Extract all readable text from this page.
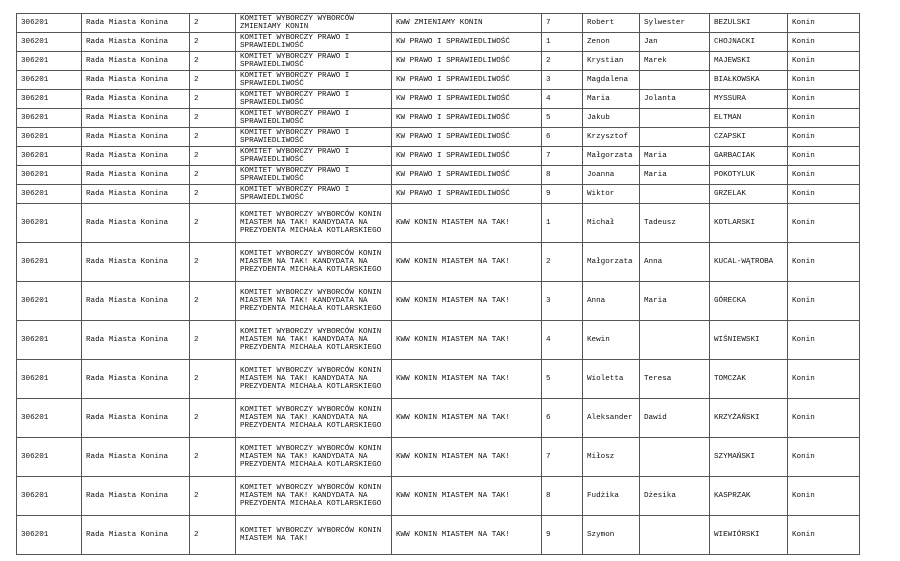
306201	Rada Miasta Konina	2	KOMITET WYBORCZY WYBORCÓW ZMIENIAMY KONIN	KWW ZMIENIAMY KONIN	7	Robert	Sylwester	BEZULSKI	Konin
306201	Rada Miasta Konina	2	KOMITET WYBORCZY PRAWO I SPRAWIEDLIWOŚĆ	KW PRAWO I SPRAWIEDLIWOŚĆ	1	Zenon	Jan	CHOJNACKI	Konin
306201	Rada Miasta Konina	2	KOMITET WYBORCZY PRAWO I SPRAWIEDLIWOŚĆ	KW PRAWO I SPRAWIEDLIWOŚĆ	2	Krystian	Marek	MAJEWSKI	Konin
306201	Rada Miasta Konina	2	KOMITET WYBORCZY PRAWO I SPRAWIEDLIWOŚĆ	KW PRAWO I SPRAWIEDLIWOŚĆ	3	Magdalena		BIAŁKOWSKA	Konin
306201	Rada Miasta Konina	2	KOMITET WYBORCZY PRAWO I SPRAWIEDLIWOŚĆ	KW PRAWO I SPRAWIEDLIWOŚĆ	4	Maria	Jolanta	MYSSURA	Konin
306201	Rada Miasta Konina	2	KOMITET WYBORCZY PRAWO I SPRAWIEDLIWOŚĆ	KW PRAWO I SPRAWIEDLIWOŚĆ	5	Jakub		ELTMAN	Konin
306201	Rada Miasta Konina	2	KOMITET WYBORCZY PRAWO I SPRAWIEDLIWOŚĆ	KW PRAWO I SPRAWIEDLIWOŚĆ	6	Krzysztof		CZAPSKI	Konin
306201	Rada Miasta Konina	2	KOMITET WYBORCZY PRAWO I SPRAWIEDLIWOŚĆ	KW PRAWO I SPRAWIEDLIWOŚĆ	7	Małgorzata	Maria	GARBACIAK	Konin
306201	Rada Miasta Konina	2	KOMITET WYBORCZY PRAWO I SPRAWIEDLIWOŚĆ	KW PRAWO I SPRAWIEDLIWOŚĆ	8	Joanna	Maria	POKOTYLUK	Konin
306201	Rada Miasta Konina	2	KOMITET WYBORCZY PRAWO I SPRAWIEDLIWOŚĆ	KW PRAWO I SPRAWIEDLIWOŚĆ	9	Wiktor		GRZELAK	Konin
306201	Rada Miasta Konina	2	KOMITET WYBORCZY WYBORCÓW KONIN MIASTEM NA TAK! KANDYDATA NA PREZYDENTA MICHAŁA KOTLARSKIEGO	KWW KONIN MIASTEM NA TAK!	1	Michał	Tadeusz	KOTLARSKI	Konin
306201	Rada Miasta Konina	2	KOMITET WYBORCZY WYBORCÓW KONIN MIASTEM NA TAK! KANDYDATA NA PREZYDENTA MICHAŁA KOTLARSKIEGO	KWW KONIN MIASTEM NA TAK!	2	Małgorzata	Anna	KUCAL-WĄTROBA	Konin
306201	Rada Miasta Konina	2	KOMITET WYBORCZY WYBORCÓW KONIN MIASTEM NA TAK! KANDYDATA NA PREZYDENTA MICHAŁA KOTLARSKIEGO	KWW KONIN MIASTEM NA TAK!	3	Anna	Maria	GÓRECKA	Konin
306201	Rada Miasta Konina	2	KOMITET WYBORCZY WYBORCÓW KONIN MIASTEM NA TAK! KANDYDATA NA PREZYDENTA MICHAŁA KOTLARSKIEGO	KWW KONIN MIASTEM NA TAK!	4	Kewin		WIŚNIEWSKI	Konin
306201	Rada Miasta Konina	2	KOMITET WYBORCZY WYBORCÓW KONIN MIASTEM NA TAK! KANDYDATA NA PREZYDENTA MICHAŁA KOTLARSKIEGO	KWW KONIN MIASTEM NA TAK!	5	Wioletta	Teresa	TOMCZAK	Konin
306201	Rada Miasta Konina	2	KOMITET WYBORCZY WYBORCÓW KONIN MIASTEM NA TAK! KANDYDATA NA PREZYDENTA MICHAŁA KOTLARSKIEGO	KWW KONIN MIASTEM NA TAK!	6	Aleksander	Dawid	KRZYŻAŃSKI	Konin
306201	Rada Miasta Konina	2	KOMITET WYBORCZY WYBORCÓW KONIN MIASTEM NA TAK! KANDYDATA NA PREZYDENTA MICHAŁA KOTLARSKIEGO	KWW KONIN MIASTEM NA TAK!	7	Miłosz		SZYMAŃSKI	Konin
306201	Rada Miasta Konina	2	KOMITET WYBORCZY WYBORCÓW KONIN MIASTEM NA TAK! KANDYDATA NA PREZYDENTA MICHAŁA KOTLARSKIEGO	KWW KONIN MIASTEM NA TAK!	8	Fudżika	Dżesika	KASPRZAK	Konin
306201	Rada Miasta Konina	2	KOMITET WYBORCZY WYBORCÓW KONIN MIASTEM NA TAK!	KWW KONIN MIASTEM NA TAK!	9	Szymon		WIEWIÓRSKI	Konin
